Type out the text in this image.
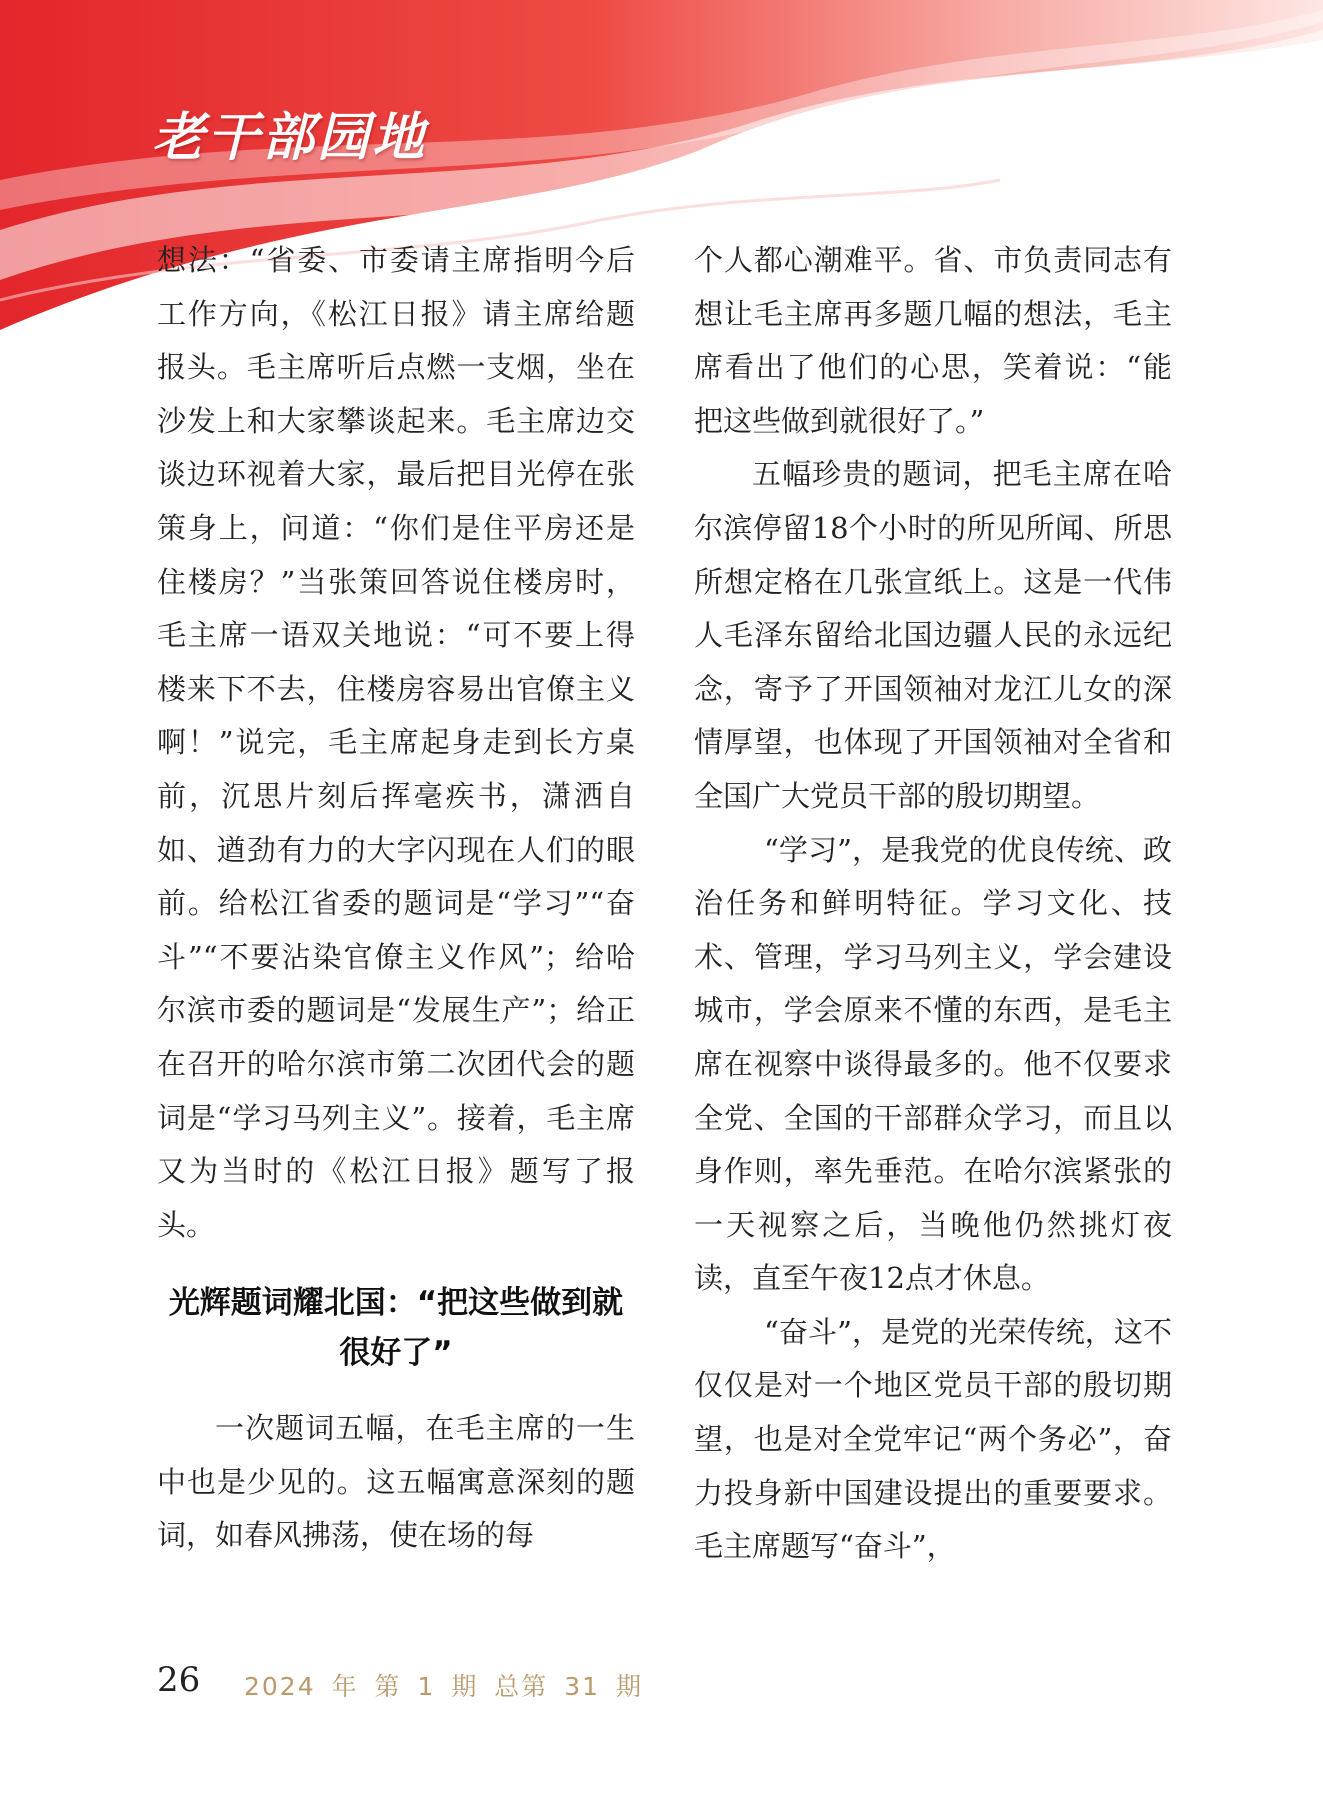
老干部园地

想法：“省委、市委请主席指明今后工作方向，《松江日报》请主席给题报头。毛主席听后点燃一支烟，坐在沙发上和大家攀谈起来。毛主席边交谈边环视着大家，最后把目光停在张策身上，问道：“你们是住平房还是住楼房？”当张策回答说住楼房时，毛主席一语双关地说：“可不要上得楼来下不去，住楼房容易出官僚主义啊！”说完，毛主席起身走到长方桌前，沉思片刻后挥毫疾书，潇洒自如、遒劲有力的大字闪现在人们的眼前。给松江省委的题词是“学习”“奋斗”“不要沾染官僚主义作风”；给哈尔滨市委的题词是“发展生产”；给正在召开的哈尔滨市第二次团代会的题词是“学习马列主义”。接着，毛主席又为当时的《松江日报》题写了报头。

光辉题词耀北国：“把这些做到就很好了”

一次题词五幅，在毛主席的一生中也是少见的。这五幅寓意深刻的题词，如春风拂荡，使在场的每

个人都心潮难平。省、市负责同志有想让毛主席再多题几幅的想法，毛主席看出了他们的心思，笑着说：“能把这些做到就很好了。”

五幅珍贵的题词，把毛主席在哈尔滨停留18个小时的所见所闻、所思所想定格在几张宣纸上。这是一代伟人毛泽东留给北国边疆人民的永远纪念，寄予了开国领袖对龙江儿女的深情厚望，也体现了开国领袖对全省和全国广大党员干部的殷切期望。

“学习”，是我党的优良传统、政治任务和鲜明特征。学习文化、技术、管理，学习马列主义，学会建设城市，学会原来不懂的东西，是毛主席在视察中谈得最多的。他不仅要求全党、全国的干部群众学习，而且以身作则，率先垂范。在哈尔滨紧张的一天视察之后，当晚他仍然挑灯夜读，直至午夜12点才休息。

“奋斗”，是党的光荣传统，这不仅仅是对一个地区党员干部的殷切期望，也是对全党牢记“两个务必”，奋力投身新中国建设提出的重要要求。毛主席题写“奋斗”，

26 2024 年 第 1 期 总第 31 期
